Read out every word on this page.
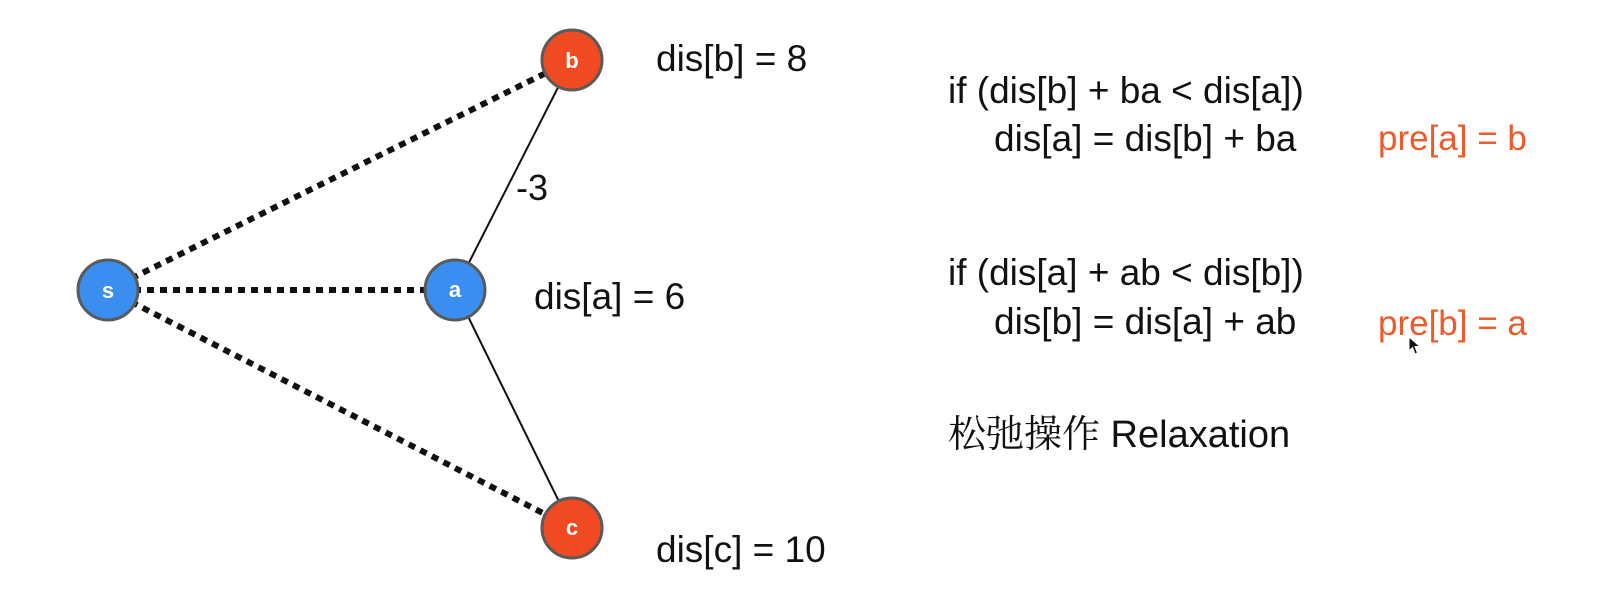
-3
s	a
b
c
dis[b] = 8
dis[a] = 6
dis[c] = 10
if (dis[b] + ba < dis[a])
dis[a] = dis[b] + ba pre[a] = b
if (dis[a] + ab < dis[b])
dis[b] = dis[a] + ab pre[b] = a
松弛操作 Relaxation
